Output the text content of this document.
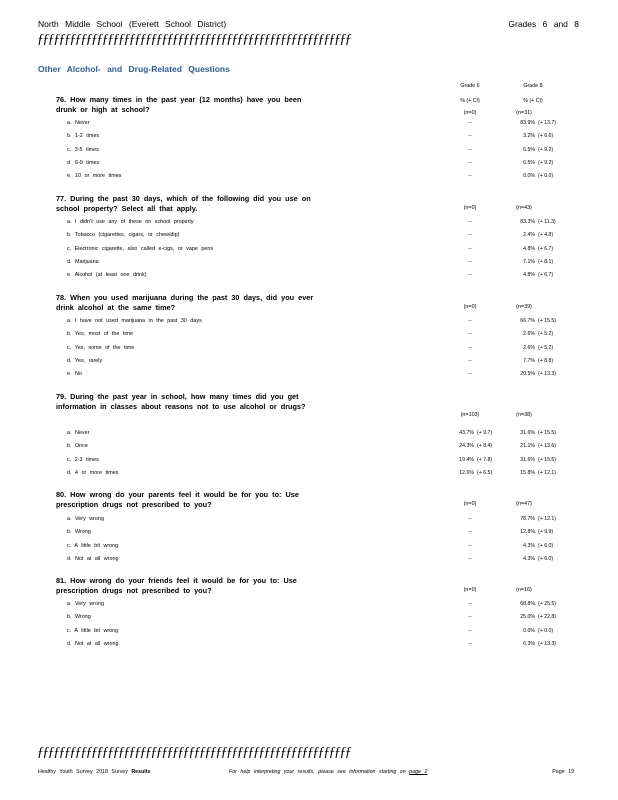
North Middle School (Everett School District)	Grades 6 and 8
ƒƒƒƒƒƒƒƒƒƒƒƒƒƒƒƒƒƒƒƒƒƒƒƒƒƒƒƒƒƒƒƒƒƒƒƒƒƒƒƒƒƒƒƒƒƒƒƒƒƒƒƒƒƒƒƒƒƒ
Other Alcohol- and Drug-Related Questions
Grade 6	Grade 8
76. How many times in the past year (12 months) have you been drunk or high at school?
% (+ CI)	% (+ CI)
(n=0)	(n=31)
a. Never	--	83.9% (+ 13.7)
b. 1-2 times	--	3.2% (+ 6.6)
c. 3-5 times	--	6.5% (+ 9.2)
d. 6-9 times	--	6.5% (+ 9.2)
e. 10 or more times	--	0.0% (+ 0.0)
77. During the past 30 days, which of the following did you use on school property? Select all that apply.	(n=0)	(n=43)
a. I didn't use any of these on school property	--	83.3% (+ 11.3)
b. Tobacco (cigarettes, cigars, or chew/dip)	--	2.4% (+ 4.8)
c. Electronic cigarette, also called e-cigs, or vape pens	--	4.8% (+ 6.7)
d. Marijuana	--	7.1% (+ 8.1)
e. Alcohol (at least one drink)	--	4.8% (+ 6.7)
78. When you used marijuana during the past 30 days, did you ever drink alcohol at the same time?	(n=0)	(n=39)
a. I have not used marijuana in the past 30 days	--	66.7% (+ 15.5)
b. Yes, most of the time	--	2.6% (+ 5.2)
c. Yes, some of the time	--	2.6% (+ 5.2)
d. Yes, rarely	--	7.7% (+ 8.8)
e. No	--	20.5% (+ 13.3)
79. During the past year in school, how many times did you get information in classes about reasons not to use alcohol or drugs?
(n=103)	(n=38)
a. Never	43.7% (+ 9.7)	31.6% (+ 15.5)
b. Once	24.3% (+ 8.4)	21.1% (+ 13.6)
c. 2-3 times	19.4% (+ 7.8)	31.6% (+ 15.5)
d. 4 or more times	12.6% (+ 6.5)	15.8% (+ 12.1)
80. How wrong do your parents feel it would be for you to: Use prescription drugs not prescribed to you?	(n=0)	(n=47)
a. Very wrong	--	78.7% (+ 12.1)
b. Wrong	--	12.8% (+ 9.9)
c. A little bit wrong	--	4.3% (+ 6.0)
d. Not at all wrong	--	4.3% (+ 6.0)
81. How wrong do your friends feel it would be for you to: Use prescription drugs not prescribed to you?	(n=0)	(n=16)
a. Very wrong	--	68.8% (+ 25.5)
b. Wrong	--	25.0% (+ 22.8)
c. A little bit wrong	--	0.0% (+ 0.0)
d. Not at all wrong	--	6.3% (+ 13.3)
ƒƒƒƒƒƒƒƒƒƒƒƒƒƒƒƒƒƒƒƒƒƒƒƒƒƒƒƒƒƒƒƒƒƒƒƒƒƒƒƒƒƒƒƒƒƒƒƒƒƒƒƒƒƒƒƒƒƒ
Healthy Youth Survey 2018 Survey Results	For help interpreting your results, please see information starting on page 2	Page 19
